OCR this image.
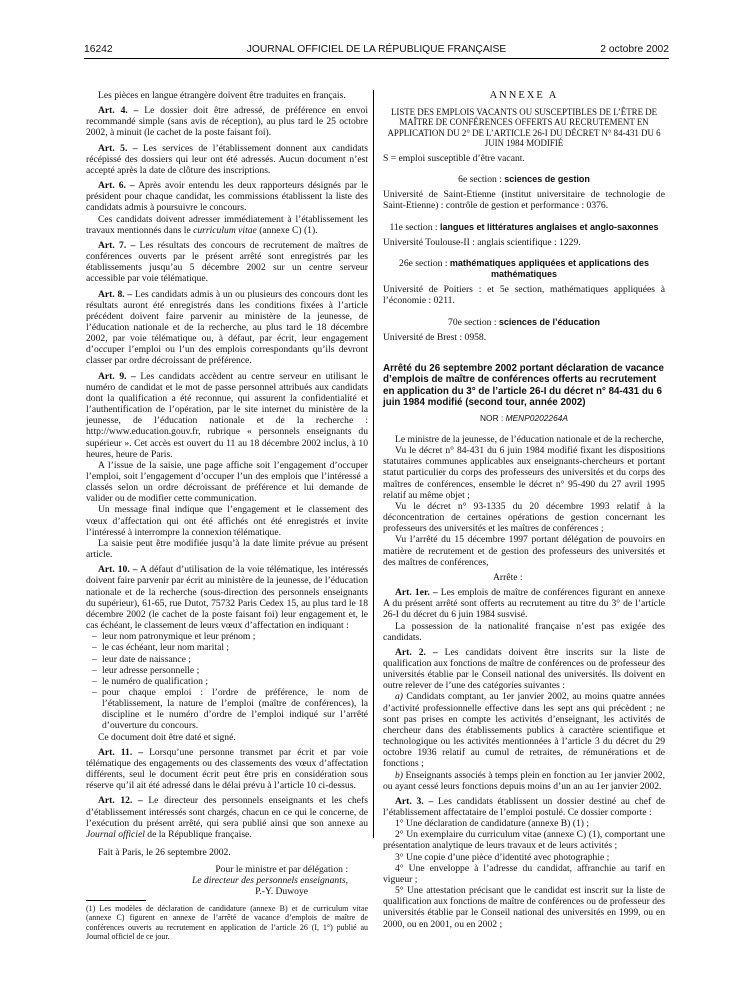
16242	JOURNAL OFFICIEL DE LA RÉPUBLIQUE FRANÇAISE	2 octobre 2002

Les pièces en langue étrangère doivent être traduites en français.

Art. 4. – Le dossier doit être adressé, de préférence en envoi recommandé simple (sans avis de réception), au plus tard le 25 octobre 2002, à minuit (le cachet de la poste faisant foi).

Art. 5. – Les services de l’établissement donnent aux candidats récépissé des dossiers qui leur ont été adressés. Aucun document n’est accepté après la date de clôture des inscriptions.

Art. 6. – Après avoir entendu les deux rapporteurs désignés par le président pour chaque candidat, les commissions établissent la liste des candidats admis à poursuivre le concours.

Ces candidats doivent adresser immédiatement à l’établissement les travaux mentionnés dans le curriculum vitae (annexe C) (1).

Art. 7. – Les résultats des concours de recrutement de maîtres de conférences ouverts par le présent arrêté sont enregistrés par les établissements jusqu’au 5 décembre 2002 sur un centre serveur accessible par voie télématique.

Art. 8. – Les candidats admis à un ou plusieurs des concours dont les résultats auront été enregistrés dans les conditions fixées à l’article précédent doivent faire parvenir au ministère de la jeunesse, de l’éducation nationale et de la recherche, au plus tard le 18 décembre 2002, par voie télématique ou, à défaut, par écrit, leur engagement d’occuper l’emploi ou l’un des emplois correspondants qu’ils devront classer par ordre décroissant de préférence.

Art. 9. – Les candidats accèdent au centre serveur en utilisant le numéro de candidat et le mot de passe personnel attribués aux candidats dont la qualification a été reconnue, qui assurent la confidentialité et l’authentification de l’opération, par le site internet du ministère de la jeunesse, de l’éducation nationale et de la recherche : http://www.education.gouv.fr, rubrique « personnels enseignants du supérieur ». Cet accès est ouvert du 11 au 18 décembre 2002 inclus, à 10 heures, heure de Paris.

A l’issue de la saisie, une page affiche soit l’engagement d’occuper l’emploi, soit l’engagement d’occuper l’un des emplois que l’intéressé a classés selon un ordre décroissant de préférence et lui demande de valider ou de modifier cette communication.

Un message final indique que l’engagement et le classement des vœux d’affectation qui ont été affichés ont été enregistrés et invite l’intéressé à interrompre la connexion télématique.

La saisie peut être modifiée jusqu’à la date limite prévue au présent article.

Art. 10. – A défaut d’utilisation de la voie télématique, les intéressés doivent faire parvenir par écrit au ministère de la jeunesse, de l’éducation nationale et de la recherche (sous-direction des personnels enseignants du supérieur), 61-65, rue Dutot, 75732 Paris Cedex 15, au plus tard le 18 décembre 2002 (le cachet de la poste faisant foi) leur engagement et, le cas échéant, le classement de leurs vœux d’affectation en indiquant :

– leur nom patronymique et leur prénom ;

– le cas échéant, leur nom marital ;

– leur date de naissance ;

– leur adresse personnelle ;

– le numéro de qualification ;

– pour chaque emploi : l’ordre de préférence, le nom de l’établissement, la nature de l’emploi (maître de conférences), la discipline et le numéro d’ordre de l’emploi indiqué sur l’arrêté d’ouverture du concours.

Ce document doit être daté et signé.

Art. 11. – Lorsqu’une personne transmet par écrit et par voie télématique des engagements ou des classements des vœux d’affectation différents, seul le document écrit peut être pris en considération sous réserve qu’il ait été adressé dans le délai prévu à l’article 10 ci-dessus.

Art. 12. – Le directeur des personnels enseignants et les chefs d’établissement intéressés sont chargés, chacun en ce qui le concerne, de l’exécution du présent arrêté, qui sera publié ainsi que son annexe au Journal officiel de la République française.

Fait à Paris, le 26 septembre 2002.

Pour le ministre et par délégation :

Le directeur des personnels enseignants,

P.-Y. Duwoye

(1) Les modèles de déclaration de candidature (annexe B) et de curriculum vitae (annexe C) figurent en annexe de l’arrêté de vacance d’emplois de maître de conférences ouverts au recrutement en application de l’article 26 (I, 1°) publié au Journal officiel de ce jour.

ANNEXE A

LISTE DES EMPLOIS VACANTS OU SUSCEPTIBLES DE L’ÊTRE DE MAÎTRE DE CONFÉRENCES OFFERTS AU RECRUTEMENT EN APPLICATION DU 2° DE L’ARTICLE 26-I DU DÉCRET N° 84-431 DU 6 JUIN 1984 MODIFIÉ

S = emploi susceptible d’être vacant.

6e section : sciences de gestion

Université de Saint-Etienne (institut universitaire de technologie de Saint-Etienne) : contrôle de gestion et performance : 0376.

11e section : langues et littératures anglaises et anglo-saxonnes

Université Toulouse-II : anglais scientifique : 1229.

26e section : mathématiques appliquées et applications des mathématiques

Université de Poitiers : et 5e section, mathématiques appliquées à l’économie : 0211.

70e section : sciences de l’éducation

Université de Brest : 0958.

Arrêté du 26 septembre 2002 portant déclaration de vacance d’emplois de maître de conférences offerts au recrutement en application du 3° de l’article 26-I du décret n° 84-431 du 6 juin 1984 modifié (second tour, année 2002)

NOR : MENP0202264A

Le ministre de la jeunesse, de l’éducation nationale et de la recherche,

Vu le décret n° 84-431 du 6 juin 1984 modifié fixant les dispositions statutaires communes applicables aux enseignants-chercheurs et portant statut particulier du corps des professeurs des universités et du corps des maîtres de conférences, ensemble le décret n° 95-490 du 27 avril 1995 relatif au même objet ;

Vu le décret n° 93-1335 du 20 décembre 1993 relatif à la déconcentration de certaines opérations de gestion concernant les professeurs des universités et les maîtres de conférences ;

Vu l’arrêté du 15 décembre 1997 portant délégation de pouvoirs en matière de recrutement et de gestion des professeurs des universités et des maîtres de conférences,

Arrête :

Art. 1er. – Les emplois de maître de conférences figurant en annexe A du présent arrêté sont offerts au recrutement au titre du 3° de l’article 26-I du décret du 6 juin 1984 susvisé.

La possession de la nationalité française n’est pas exigée des candidats.

Art. 2. – Les candidats doivent être inscrits sur la liste de qualification aux fonctions de maître de conférences ou de professeur des universités établie par le Conseil national des universités. Ils doivent en outre relever de l’une des catégories suivantes :

a) Candidats comptant, au 1er janvier 2002, au moins quatre années d’activité professionnelle effective dans les sept ans qui précèdent ; ne sont pas prises en compte les activités d’enseignant, les activités de chercheur dans des établissements publics à caractère scientifique et technologique ou les activités mentionnées à l’article 3 du décret du 29 octobre 1936 relatif au cumul de retraites, de rémunérations et de fonctions ;

b) Enseignants associés à temps plein en fonction au 1er janvier 2002, ou ayant cessé leurs fonctions depuis moins d’un an au 1er janvier 2002.

Art. 3. – Les candidats établissent un dossier destiné au chef de l’établissement affectataire de l’emploi postulé. Ce dossier comporte :

1° Une déclaration de candidature (annexe B) (1) ;

2° Un exemplaire du curriculum vitae (annexe C) (1), comportant une présentation analytique de leurs travaux et de leurs activités ;

3° Une copie d’une pièce d’identité avec photographie ;

4° Une enveloppe à l’adresse du candidat, affranchie au tarif en vigueur ;

5° Une attestation précisant que le candidat est inscrit sur la liste de qualification aux fonctions de maître de conférences ou de professeur des universités établie par le Conseil national des universités en 1999, ou en 2000, ou en 2001, ou en 2002 ;
